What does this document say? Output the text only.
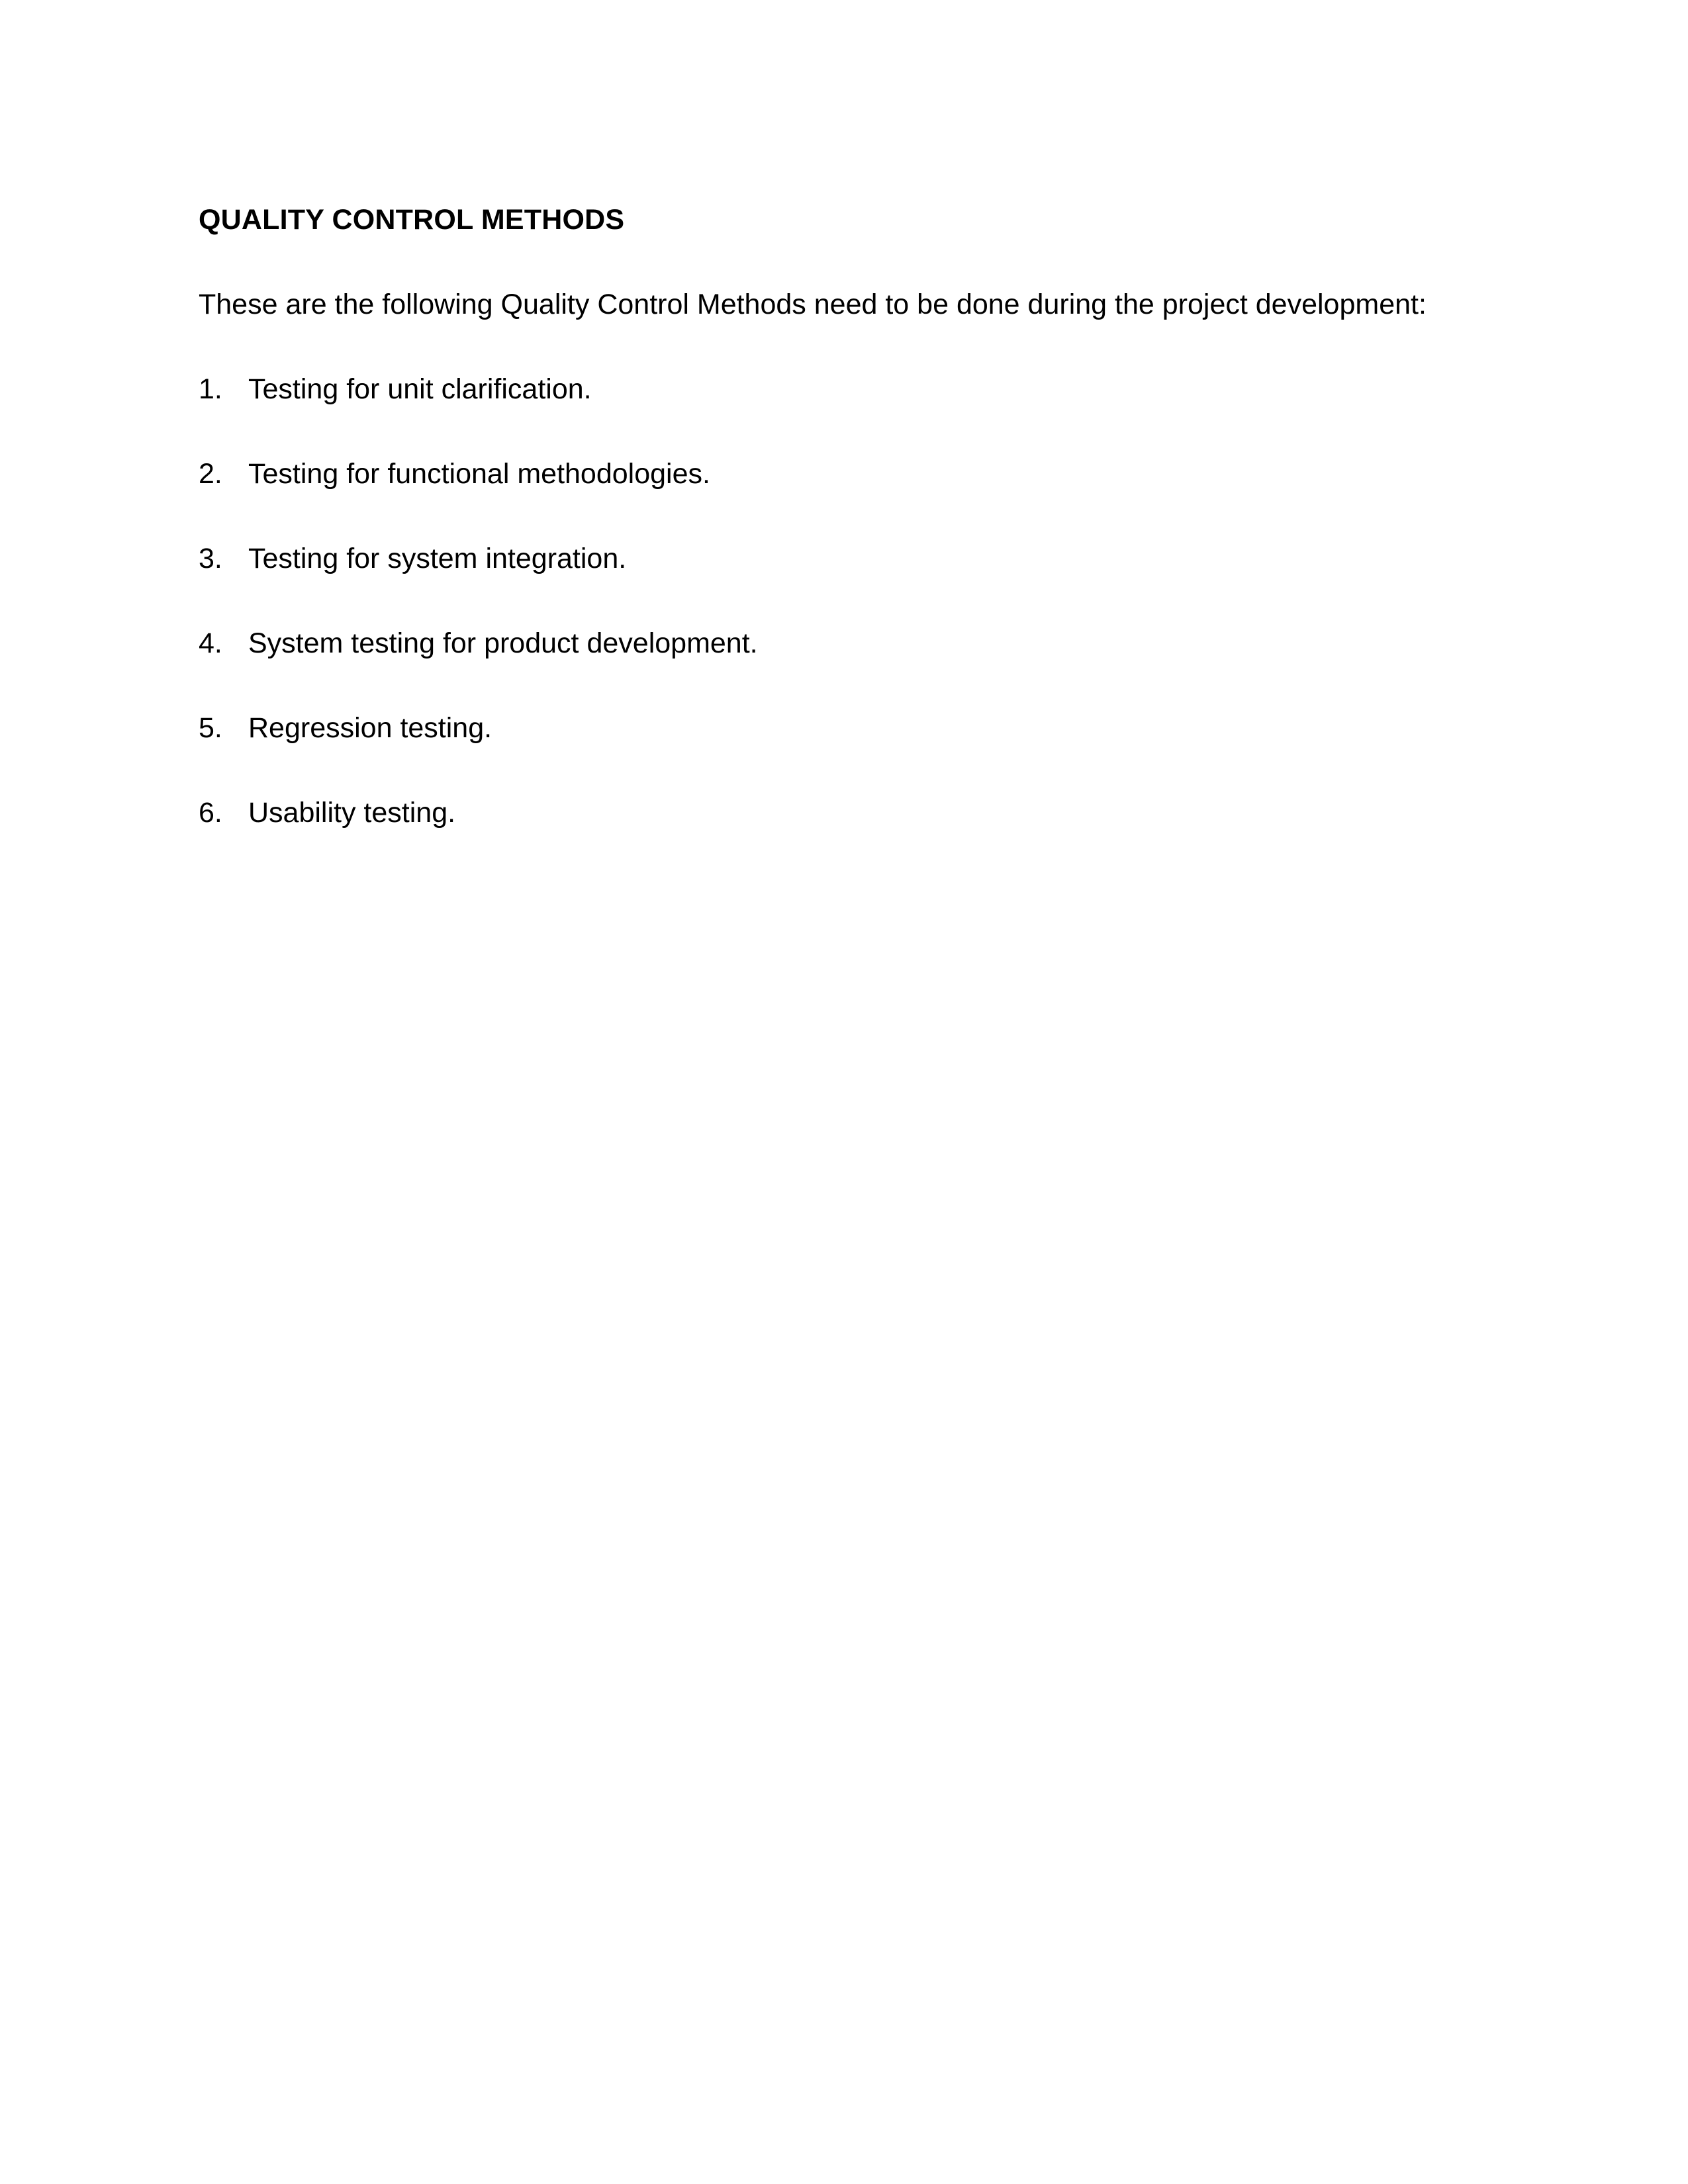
QUALITY CONTROL METHODS

These are the following Quality Control Methods need to be done during the project development:

1. Testing for unit clarification.
2. Testing for functional methodologies.
3. Testing for system integration.
4. System testing for product development.
5. Regression testing.
6. Usability testing.
